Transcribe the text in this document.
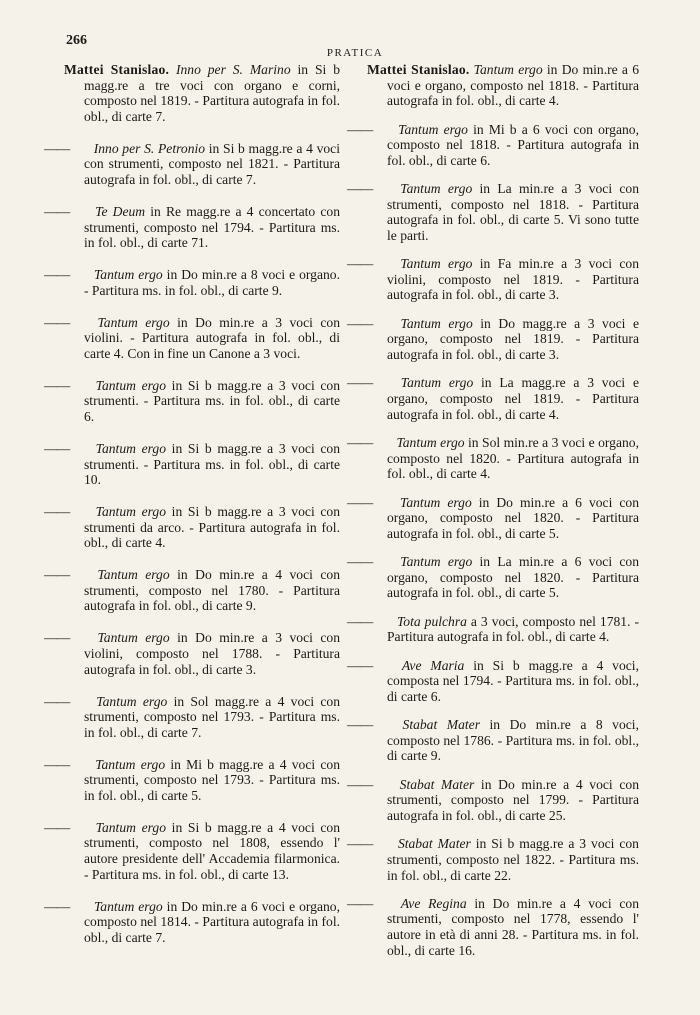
266
PRATICA
Mattei Stanislao. Inno per S. Marino in Si b magg.re a tre voci con organo e corni, composto nel 1819. - Partitura autografa in fol. obl., di carte 7.
—— Inno per S. Petronio in Si b magg.re a 4 voci con strumenti, composto nel 1821. - Partitura autografa in fol. obl., di carte 7.
—— Te Deum in Re magg.re a 4 concertato con strumenti, composto nel 1794. - Partitura ms. in fol. obl., di carte 71.
—— Tantum ergo in Do min.re a 8 voci e organo. - Partitura ms. in fol. obl., di carte 9.
—— Tantum ergo in Do min.re a 3 voci con violini. - Partitura autografa in fol. obl., di carte 4. Con in fine un Canone a 3 voci.
—— Tantum ergo in Si b magg.re a 3 voci con strumenti. - Partitura ms. in fol. obl., di carte 6.
—— Tantum ergo in Si b magg.re a 3 voci con strumenti. - Partitura ms. in fol. obl., di carte 10.
—— Tantum ergo in Si b magg.re a 3 voci con strumenti da arco. - Partitura autografa in fol. obl., di carte 4.
—— Tantum ergo in Do min.re a 4 voci con strumenti, composto nel 1780. - Partitura autografa in fol. obl., di carte 9.
—— Tantum ergo in Do min.re a 3 voci con violini, composto nel 1788. - Partitura autografa in fol. obl., di carte 3.
—— Tantum ergo in Sol magg.re a 4 voci con strumenti, composto nel 1793. - Partitura ms. in fol. obl., di carte 7.
—— Tantum ergo in Mi b magg.re a 4 voci con strumenti, composto nel 1793. - Partitura ms. in fol. obl., di carte 5.
—— Tantum ergo in Si b magg.re a 4 voci con strumenti, composto nel 1808, essendo l' autore presidente dell' Accademia filarmonica. - Partitura ms. in fol. obl., di carte 13.
—— Tantum ergo in Do min.re a 6 voci e organo, composto nel 1814. - Partitura autografa in fol. obl., di carte 7.
Mattei Stanislao. Tantum ergo in Do min.re a 6 voci e organo, composto nel 1818. - Partitura autografa in fol. obl., di carte 4.
—— Tantum ergo in Mi b a 6 voci con organo, composto nel 1818. - Partitura autografa in fol. obl., di carte 6.
—— Tantum ergo in La min.re a 3 voci con strumenti, composto nel 1818. - Partitura autografa in fol. obl., di carte 5. Vi sono tutte le parti.
—— Tantum ergo in Fa min.re a 3 voci con violini, composto nel 1819. - Partitura autografa in fol. obl., di carte 3.
—— Tantum ergo in Do magg.re a 3 voci e organo, composto nel 1819. - Partitura autografa in fol. obl., di carte 3.
—— Tantum ergo in La magg.re a 3 voci e organo, composto nel 1819. - Partitura autografa in fol. obl., di carte 4.
—— Tantum ergo in Sol min.re a 3 voci e organo, composto nel 1820. - Partitura autografa in fol. obl., di carte 4.
—— Tantum ergo in Do min.re a 6 voci con organo, composto nel 1820. - Partitura autografa in fol. obl., di carte 5.
—— Tantum ergo in La min.re a 6 voci con organo, composto nel 1820. - Partitura autografa in fol. obl., di carte 5.
—— Tota pulchra a 3 voci, composto nel 1781. - Partitura autografa in fol. obl., di carte 4.
—— Ave Maria in Si b magg.re a 4 voci, composta nel 1794. - Partitura ms. in fol. obl., di carte 6.
—— Stabat Mater in Do min.re a 8 voci, composto nel 1786. - Partitura ms. in fol. obl., di carte 9.
—— Stabat Mater in Do min.re a 4 voci con strumenti, composto nel 1799. - Partitura autografa in fol. obl., di carte 25.
—— Stabat Mater in Si b magg.re a 3 voci con strumenti, composto nel 1822. - Partitura ms. in fol. obl., di carte 22.
—— Ave Regina in Do min.re a 4 voci con strumenti, composto nel 1778, essendo l' autore in età di anni 28. - Partitura ms. in fol. obl., di carte 16.
